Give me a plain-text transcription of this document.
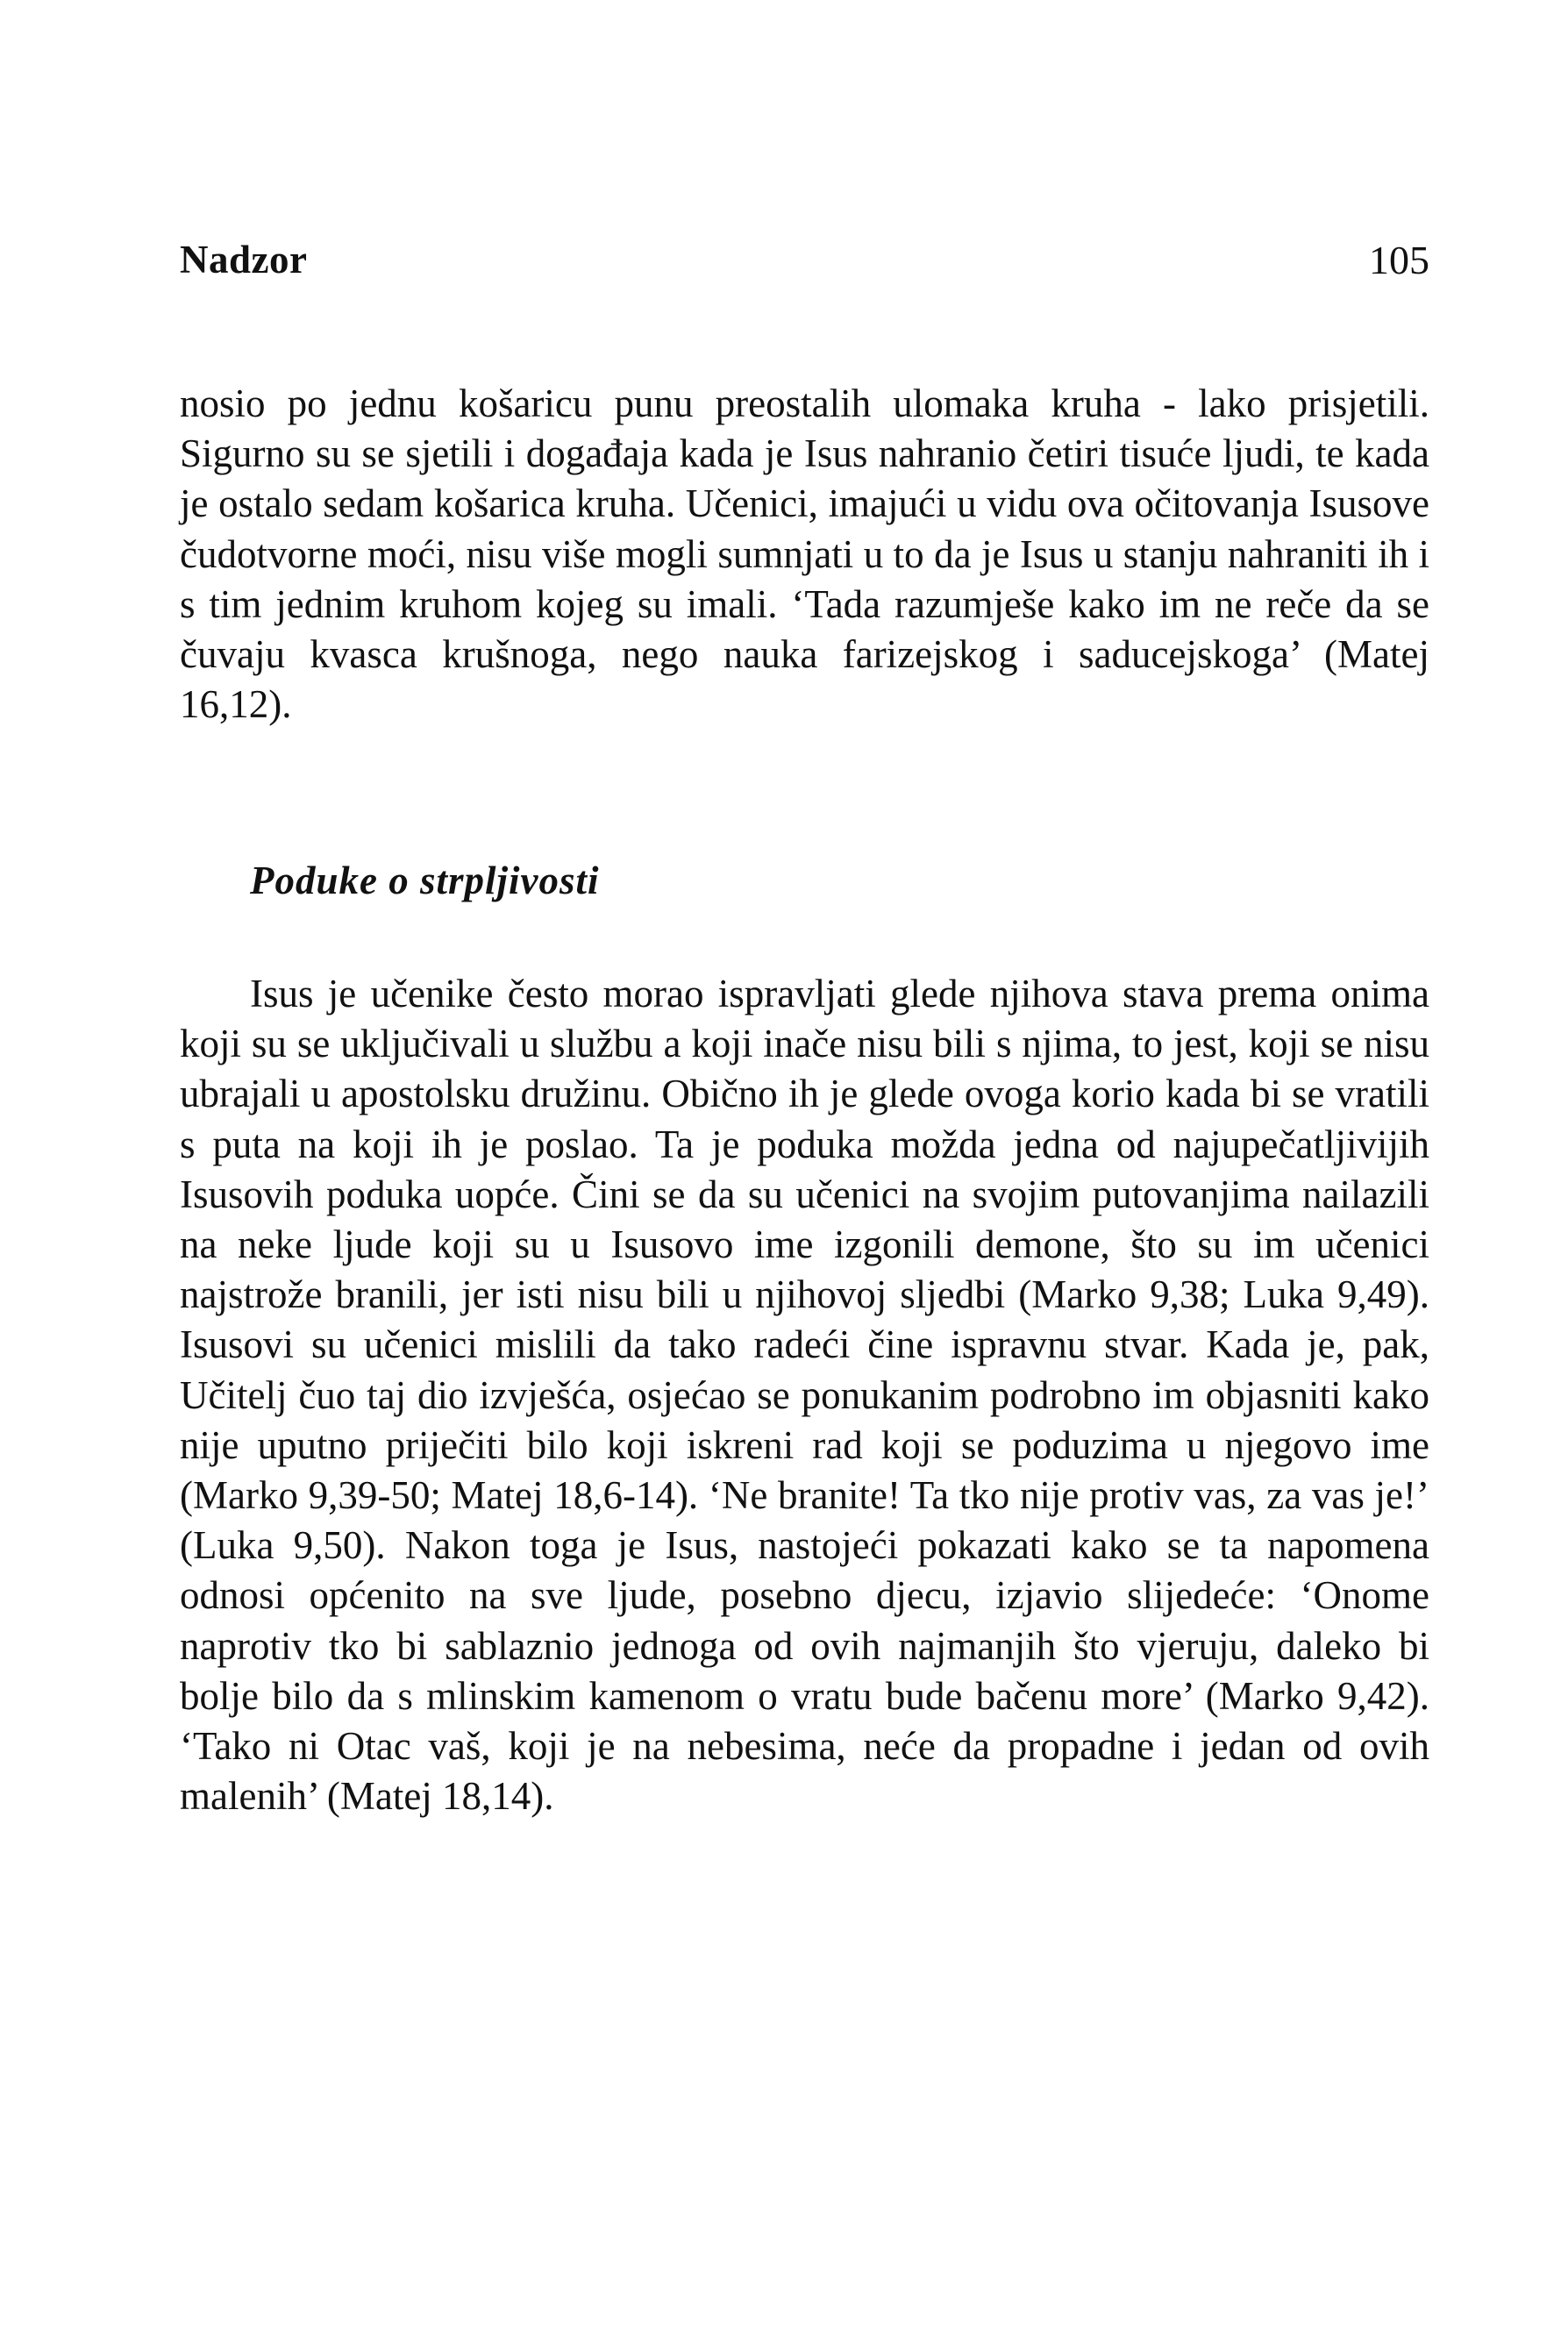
Nadzor	105

nosio po jednu košaricu punu preostalih ulomaka kruha - lako prisjetili. Sigurno su se sjetili i događaja kada je Isus nahranio četiri tisuće ljudi, te kada je ostalo sedam košarica kruha. Učenici, imajući u vidu ova očitovanja Isusove čudotvorne moći, nisu više mogli sumnjati u to da je Isus u stanju nahraniti ih i s tim jednim kruhom kojeg su imali. ‘Tada razumješe kako im ne reče da se čuvaju kvasca krušnoga, nego nauka farizejskog i saducejskoga’ (Matej 16,12).

Poduke o strpljivosti

Isus je učenike često morao ispravljati glede njihova stava prema onima koji su se uključivali u službu a koji inače nisu bili s njima, to jest, koji se nisu ubrajali u apostolsku družinu. Obično ih je glede ovoga korio kada bi se vratili s puta na koji ih je poslao. Ta je poduka možda jedna od najupečatljivijih Isusovih poduka uopće. Čini se da su učenici na svojim putovanjima nailazili na neke ljude koji su u Isusovo ime izgonili demone, što su im učenici najstrože branili, jer isti nisu bili u njihovoj sljedbi (Marko 9,38; Luka 9,49). Isusovi su učenici mislili da tako radeći čine ispravnu stvar. Kada je, pak, Učitelj čuo taj dio izvješća, osjećao se ponukanim podrobno im objasniti kako nije uputno priječiti bilo koji iskreni rad koji se poduzima u njegovo ime (Marko 9,39-50; Matej 18,6-14). ‘Ne branite! Ta tko nije protiv vas, za vas je!’ (Luka 9,50). Nakon toga je Isus, nastojeći pokazati kako se ta napomena odnosi općenito na sve ljude, posebno djecu, izjavio slijedeće: ‘Onome naprotiv tko bi sablaznio jednoga od ovih najmanjih što vjeruju, daleko bi bolje bilo da s mlinskim kamenom o vratu bude bačenu more’ (Marko 9,42). ‘Tako ni Otac vaš, koji je na nebesima, neće da propadne i jedan od ovih malenih’ (Matej 18,14).
